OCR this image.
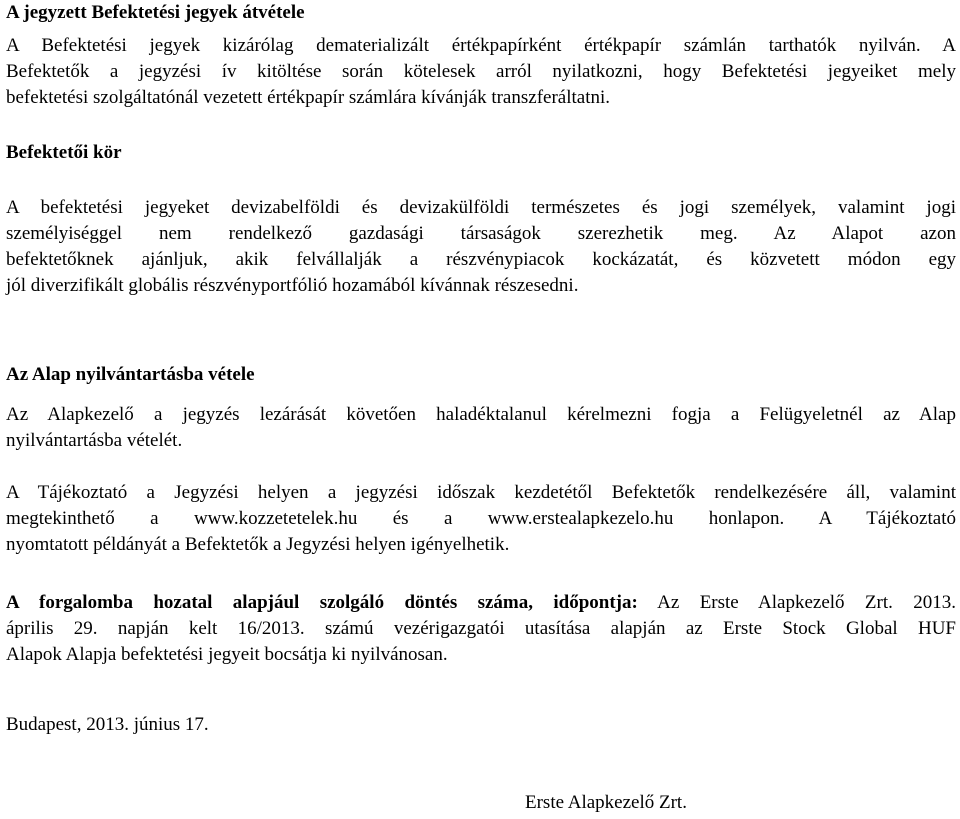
A jegyzett Befektetési jegyek átvétele
A Befektetési jegyek kizárólag dematerializált értékpapírként értékpapír számlán tarthatók nyilván. A
Befektetők a jegyzési ív kitöltése során kötelesek arról nyilatkozni, hogy Befektetési jegyeiket mely
befektetési szolgáltatónál vezetett értékpapír számlára kívánják transzferáltatni.
Befektetői kör
A befektetési jegyeket devizabelföldi és devizakülföldi természetes és jogi személyek, valamint jogi
személyiséggel nem rendelkező gazdasági társaságok szerezhetik meg. Az Alapot azon
befektetőknek ajánljuk, akik felvállalják a részvénypiacok kockázatát, és közvetett módon egy
jól diverzifikált globális részvényportfólió hozamából kívánnak részesedni.
Az Alap nyilvántartásba vétele
Az Alapkezelő a jegyzés lezárását követően haladéktalanul kérelmezni fogja a Felügyeletnél az Alap
nyilvántartásba vételét.
A Tájékoztató a Jegyzési helyen a jegyzési időszak kezdetétől Befektetők rendelkezésére áll, valamint
megtekinthető a www.kozzetetelek.hu és a www.erstealapkezelo.hu honlapon. A Tájékoztató
nyomtatott példányát a Befektetők a Jegyzési helyen igényelhetik.
A forgalomba hozatal alapjául szolgáló döntés száma, időpontja: Az Erste Alapkezelő Zrt. 2013.
április 29. napján kelt 16/2013. számú vezérigazgatói utasítása alapján az Erste Stock Global HUF
Alapok Alapja befektetési jegyeit bocsátja ki nyilvánosan.
Budapest, 2013. június 17.
Erste Alapkezelő Zrt.
